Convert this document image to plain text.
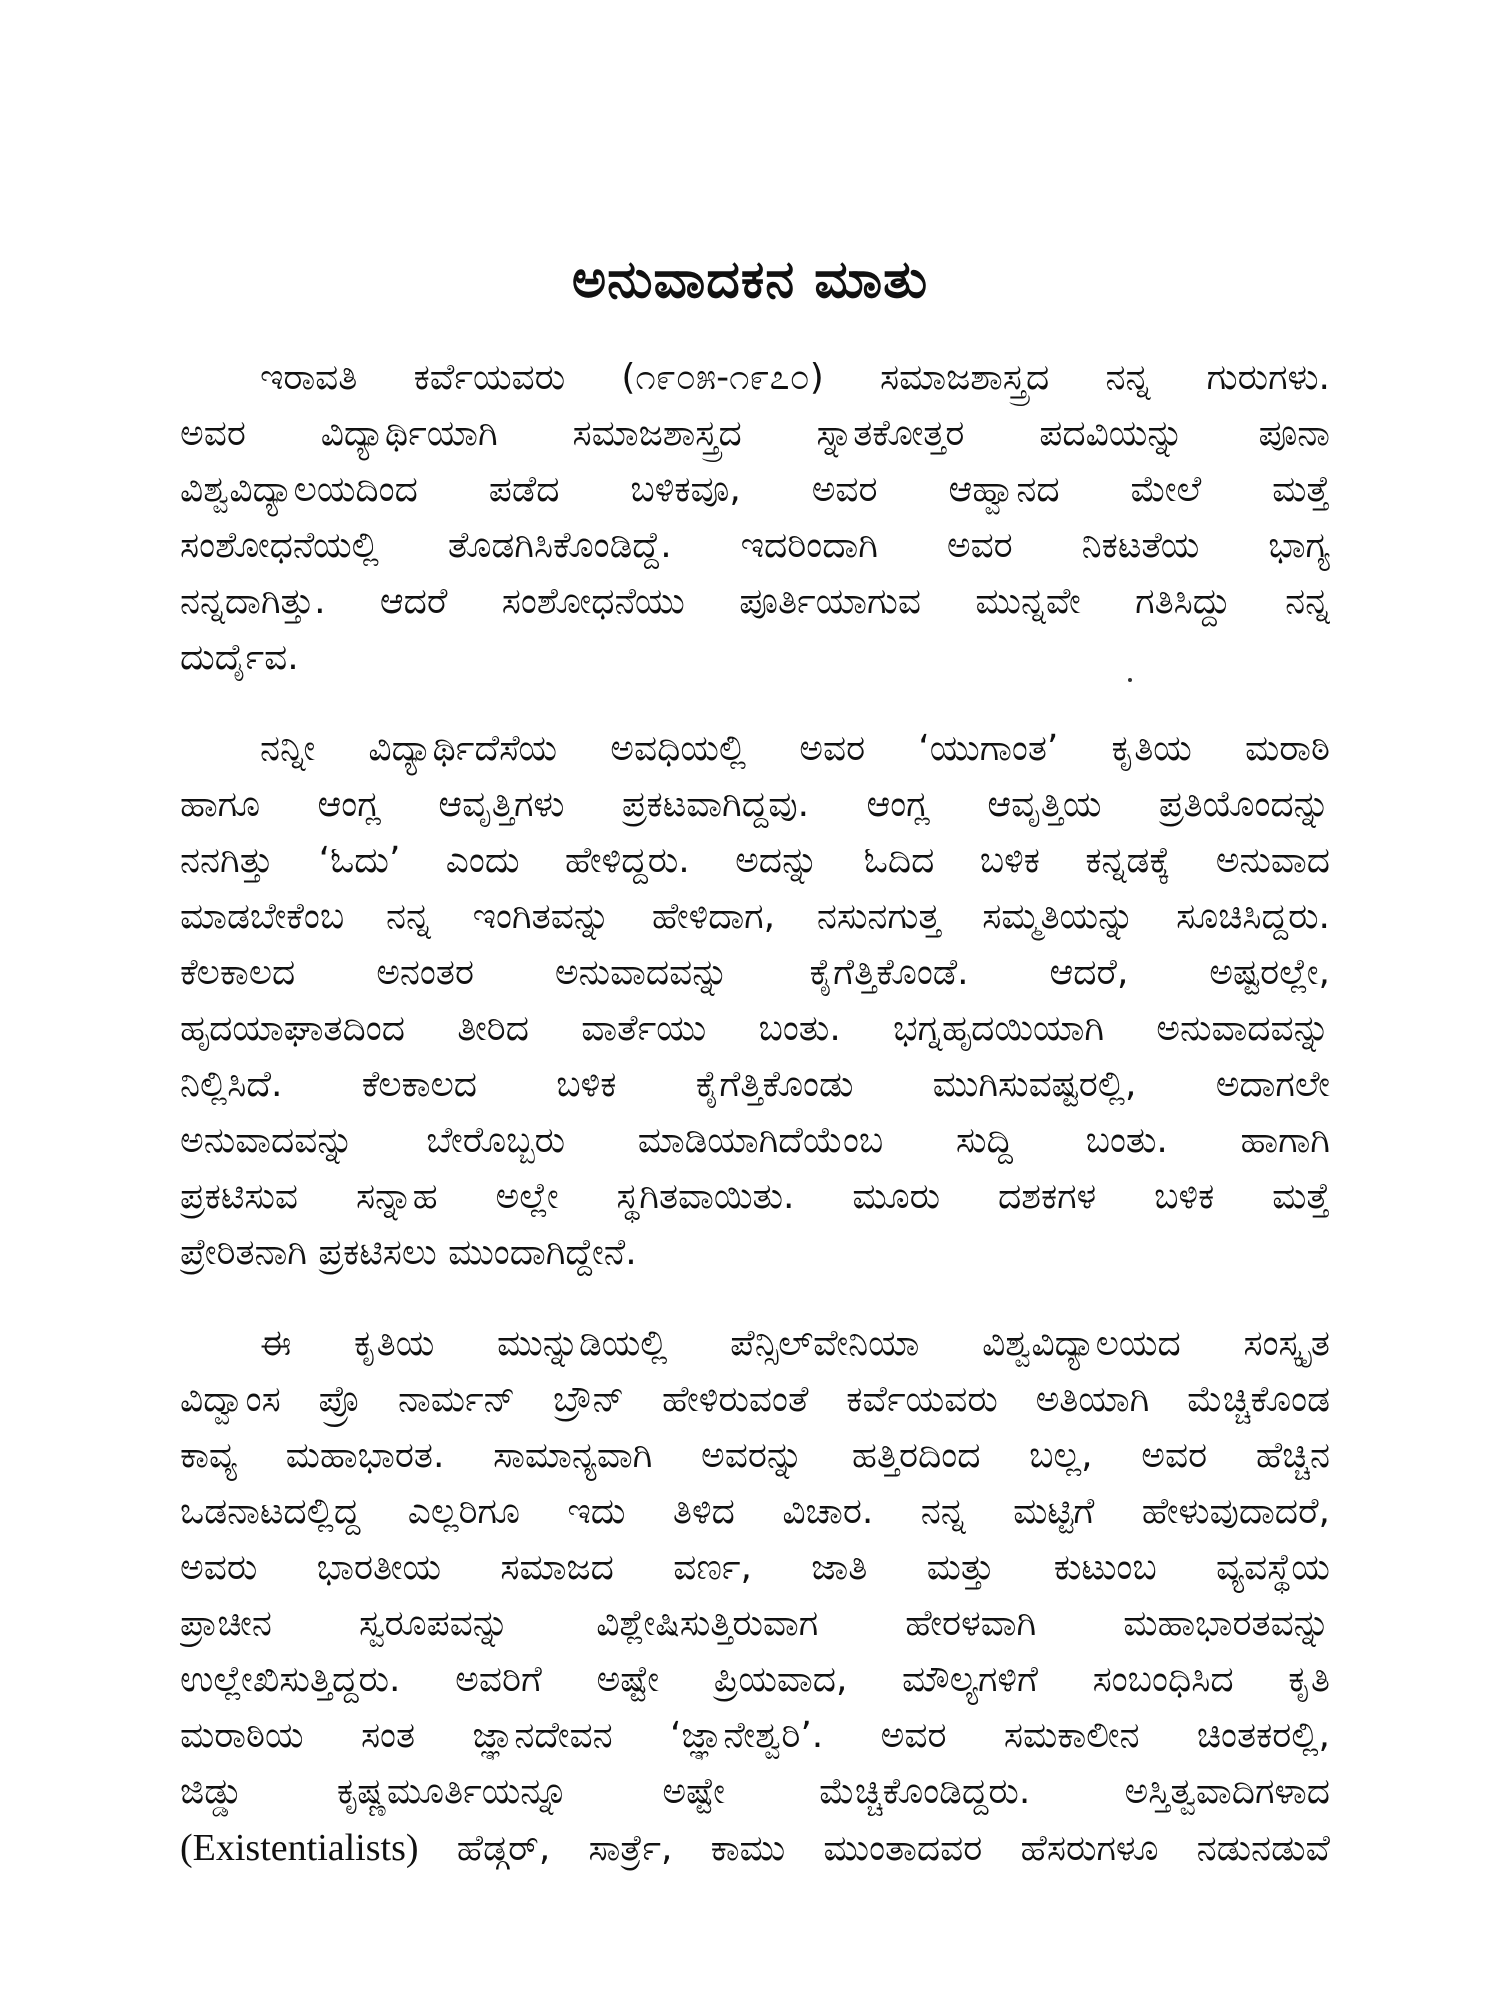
ಅನುವಾದಕನ ಮಾತು
ಇರಾವತಿ ಕರ್ವೆಯವರು (೧೯೦೫-೧೯೭೦) ಸಮಾಜಶಾಸ್ತ್ರದ ನನ್ನ ಗುರುಗಳು.
ಅವರ ವಿದ್ಯಾರ್ಥಿಯಾಗಿ ಸಮಾಜಶಾಸ್ತ್ರದ ಸ್ನಾತಕೋತ್ತರ ಪದವಿಯನ್ನು ಪೂನಾ
ವಿಶ್ವವಿದ್ಯಾಲಯದಿಂದ ಪಡೆದ ಬಳಿಕವೂ, ಅವರ ಆಹ್ವಾನದ ಮೇಲೆ ಮತ್ತೆ
ಸಂಶೋಧನೆಯಲ್ಲಿ ತೊಡಗಿಸಿಕೊಂಡಿದ್ದೆ. ಇದರಿಂದಾಗಿ ಅವರ ನಿಕಟತೆಯ ಭಾಗ್ಯ
ನನ್ನದಾಗಿತ್ತು. ಆದರೆ ಸಂಶೋಧನೆಯು ಪೂರ್ತಿಯಾಗುವ ಮುನ್ನವೇ ಗತಿಸಿದ್ದು ನನ್ನ
ದುರ್ದೈವ.
ನನ್ನೀ ವಿದ್ಯಾರ್ಥಿದೆಸೆಯ ಅವಧಿಯಲ್ಲಿ ಅವರ ‘ಯುಗಾಂತ’ ಕೃತಿಯ ಮರಾಠಿ
ಹಾಗೂ ಆಂಗ್ಲ ಆವೃತ್ತಿಗಳು ಪ್ರಕಟವಾಗಿದ್ದವು. ಆಂಗ್ಲ ಆವೃತ್ತಿಯ ಪ್ರತಿಯೊಂದನ್ನು
ನನಗಿತ್ತು ‘ಓದು’ ಎಂದು ಹೇಳಿದ್ದರು. ಅದನ್ನು ಓದಿದ ಬಳಿಕ ಕನ್ನಡಕ್ಕೆ ಅನುವಾದ
ಮಾಡಬೇಕೆಂಬ ನನ್ನ ಇಂಗಿತವನ್ನು ಹೇಳಿದಾಗ, ನಸುನಗುತ್ತ ಸಮ್ಮತಿಯನ್ನು ಸೂಚಿಸಿದ್ದರು.
ಕೆಲಕಾಲದ ಅನಂತರ ಅನುವಾದವನ್ನು ಕೈಗೆತ್ತಿಕೊಂಡೆ. ಆದರೆ, ಅಷ್ಟರಲ್ಲೇ,
ಹೃದಯಾಘಾತದಿಂದ ತೀರಿದ ವಾರ್ತೆಯು ಬಂತು. ಭಗ್ನಹೃದಯಿಯಾಗಿ ಅನುವಾದವನ್ನು
ನಿಲ್ಲಿಸಿದೆ. ಕೆಲಕಾಲದ ಬಳಿಕ ಕೈಗೆತ್ತಿಕೊಂಡು ಮುಗಿಸುವಷ್ಟರಲ್ಲಿ, ಅದಾಗಲೇ
ಅನುವಾದವನ್ನು ಬೇರೊಬ್ಬರು ಮಾಡಿಯಾಗಿದೆಯೆಂಬ ಸುದ್ದಿ ಬಂತು. ಹಾಗಾಗಿ
ಪ್ರಕಟಿಸುವ ಸನ್ನಾಹ ಅಲ್ಲೇ ಸ್ಥಗಿತವಾಯಿತು. ಮೂರು ದಶಕಗಳ ಬಳಿಕ ಮತ್ತೆ
ಪ್ರೇರಿತನಾಗಿ ಪ್ರಕಟಿಸಲು ಮುಂದಾಗಿದ್ದೇನೆ.
ಈ ಕೃತಿಯ ಮುನ್ನುಡಿಯಲ್ಲಿ ಪೆನ್ಸಿಲ್‌ವೇನಿಯಾ ವಿಶ್ವವಿದ್ಯಾಲಯದ ಸಂಸ್ಕೃತ
ವಿದ್ವಾಂಸ ಪ್ರೊ ನಾರ್ಮನ್ ಬ್ರೌನ್ ಹೇಳಿರುವಂತೆ ಕರ್ವೆಯವರು ಅತಿಯಾಗಿ ಮೆಚ್ಚಿಕೊಂಡ
ಕಾವ್ಯ ಮಹಾಭಾರತ. ಸಾಮಾನ್ಯವಾಗಿ ಅವರನ್ನು ಹತ್ತಿರದಿಂದ ಬಲ್ಲ, ಅವರ ಹೆಚ್ಚಿನ
ಒಡನಾಟದಲ್ಲಿದ್ದ ಎಲ್ಲರಿಗೂ ಇದು ತಿಳಿದ ವಿಚಾರ. ನನ್ನ ಮಟ್ಟಿಗೆ ಹೇಳುವುದಾದರೆ,
ಅವರು ಭಾರತೀಯ ಸಮಾಜದ ವರ್ಣ, ಜಾತಿ ಮತ್ತು ಕುಟುಂಬ ವ್ಯವಸ್ಥೆಯ
ಪ್ರಾಚೀನ ಸ್ವರೂಪವನ್ನು ವಿಶ್ಲೇಷಿಸುತ್ತಿರುವಾಗ ಹೇರಳವಾಗಿ ಮಹಾಭಾರತವನ್ನು
ಉಲ್ಲೇಖಿಸುತ್ತಿದ್ದರು. ಅವರಿಗೆ ಅಷ್ಟೇ ಪ್ರಿಯವಾದ, ಮೌಲ್ಯಗಳಿಗೆ ಸಂಬಂಧಿಸಿದ ಕೃತಿ
ಮರಾಠಿಯ ಸಂತ ಜ್ಞಾನದೇವನ ‘ಜ್ಞಾನೇಶ್ವರಿ’. ಅವರ ಸಮಕಾಲೀನ ಚಿಂತಕರಲ್ಲಿ,
ಜಿಡ್ಡು ಕೃಷ್ಣಮೂರ್ತಿಯನ್ನೂ ಅಷ್ಟೇ ಮೆಚ್ಚಿಕೊಂಡಿದ್ದರು. ಅಸ್ತಿತ್ವವಾದಿಗಳಾದ
(Existentialists) ಹೆಡ್ಗರ್, ಸಾರ್ತ್ರೆ, ಕಾಮು ಮುಂತಾದವರ ಹೆಸರುಗಳೂ ನಡುನಡುವೆ
